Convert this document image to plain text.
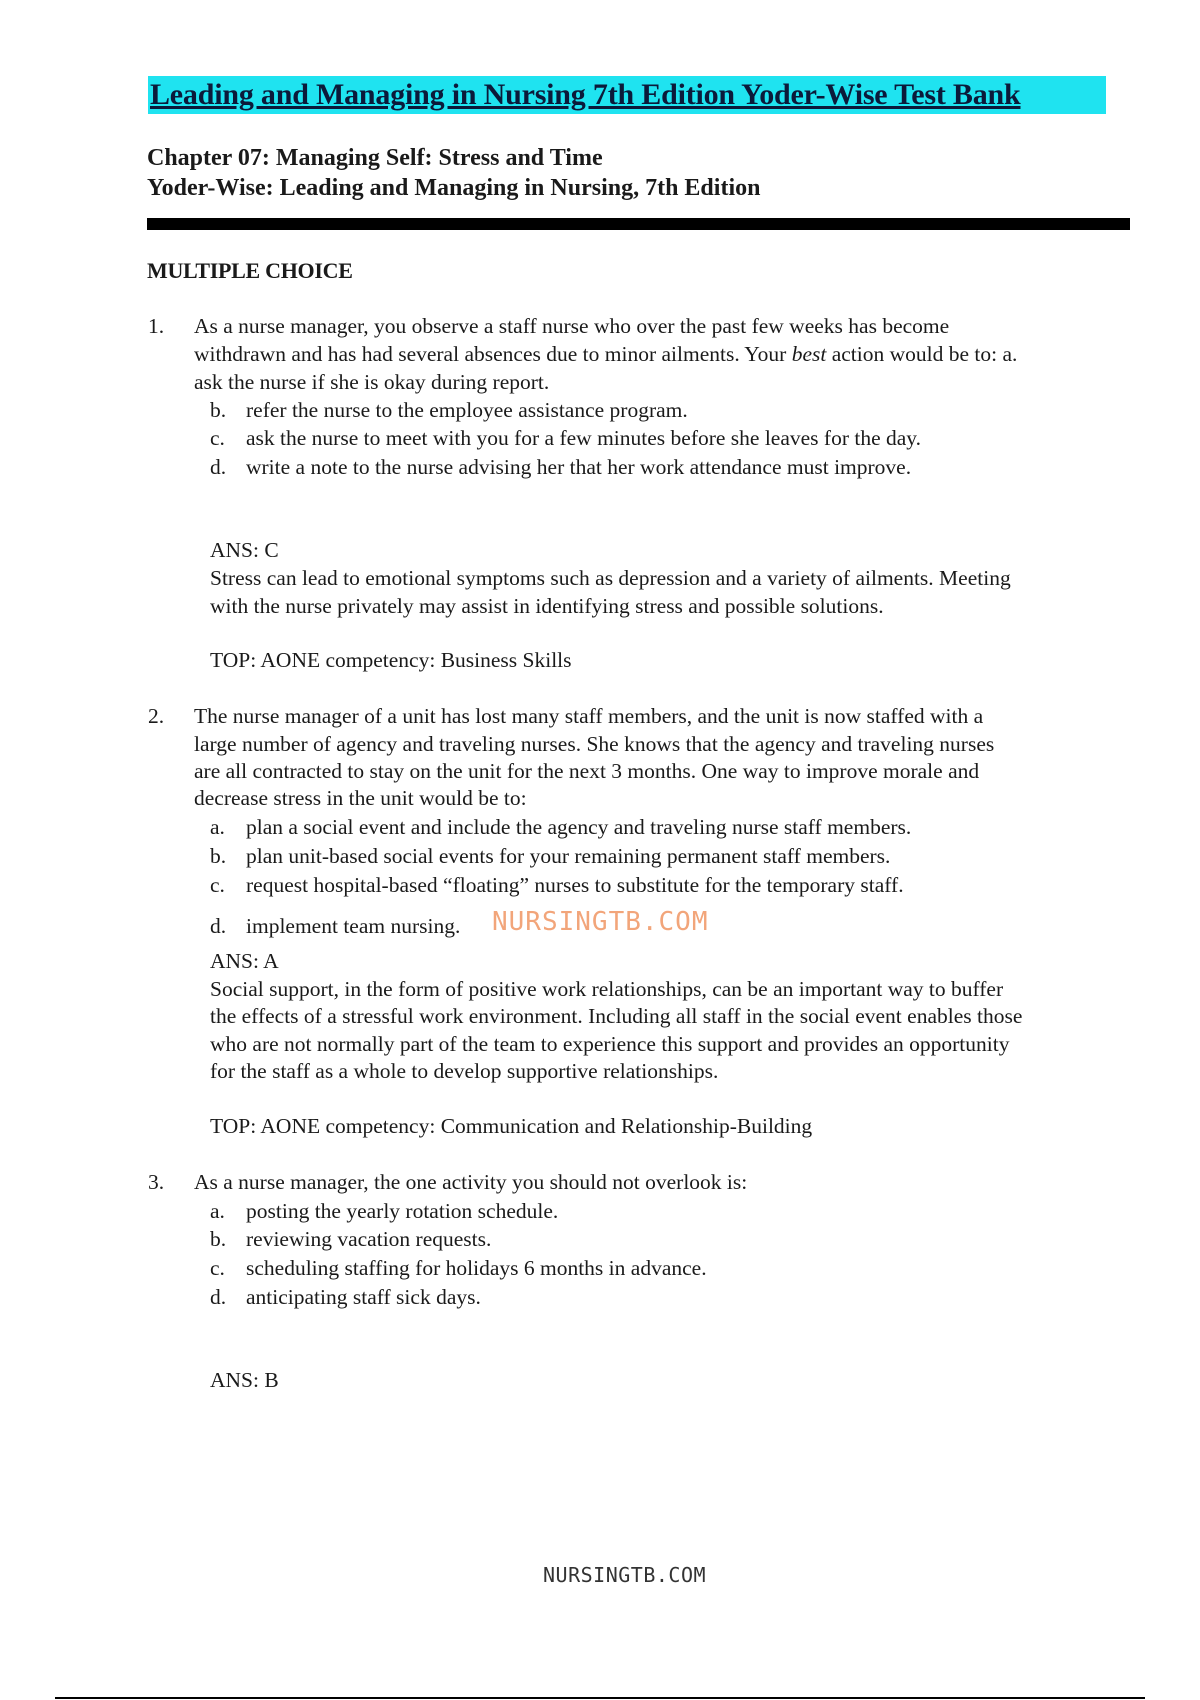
Leading and Managing in Nursing 7th Edition Yoder-Wise Test Bank
Chapter 07: Managing Self: Stress and Time
Yoder-Wise: Leading and Managing in Nursing, 7th Edition
MULTIPLE CHOICE
1. As a nurse manager, you observe a staff nurse who over the past few weeks has become
withdrawn and has had several absences due to minor ailments. Your best action would be to: a.
ask the nurse if she is okay during report.
b. refer the nurse to the employee assistance program.
c. ask the nurse to meet with you for a few minutes before she leaves for the day.
d. write a note to the nurse advising her that her work attendance must improve.
ANS: C
Stress can lead to emotional symptoms such as depression and a variety of ailments. Meeting
with the nurse privately may assist in identifying stress and possible solutions.
TOP: AONE competency: Business Skills
2. The nurse manager of a unit has lost many staff members, and the unit is now staffed with a
large number of agency and traveling nurses. She knows that the agency and traveling nurses
are all contracted to stay on the unit for the next 3 months. One way to improve morale and
decrease stress in the unit would be to:
a. plan a social event and include the agency and traveling nurse staff members.
b. plan unit-based social events for your remaining permanent staff members.
c. request hospital-based “floating” nurses to substitute for the temporary staff.
d. implement team nursing. NURSINGTB.COM
ANS: A
Social support, in the form of positive work relationships, can be an important way to buffer
the effects of a stressful work environment. Including all staff in the social event enables those
who are not normally part of the team to experience this support and provides an opportunity
for the staff as a whole to develop supportive relationships.
TOP: AONE competency: Communication and Relationship-Building
3. As a nurse manager, the one activity you should not overlook is:
a. posting the yearly rotation schedule.
b. reviewing vacation requests.
c. scheduling staffing for holidays 6 months in advance.
d. anticipating staff sick days.
ANS: B
NURSINGTB.COM
